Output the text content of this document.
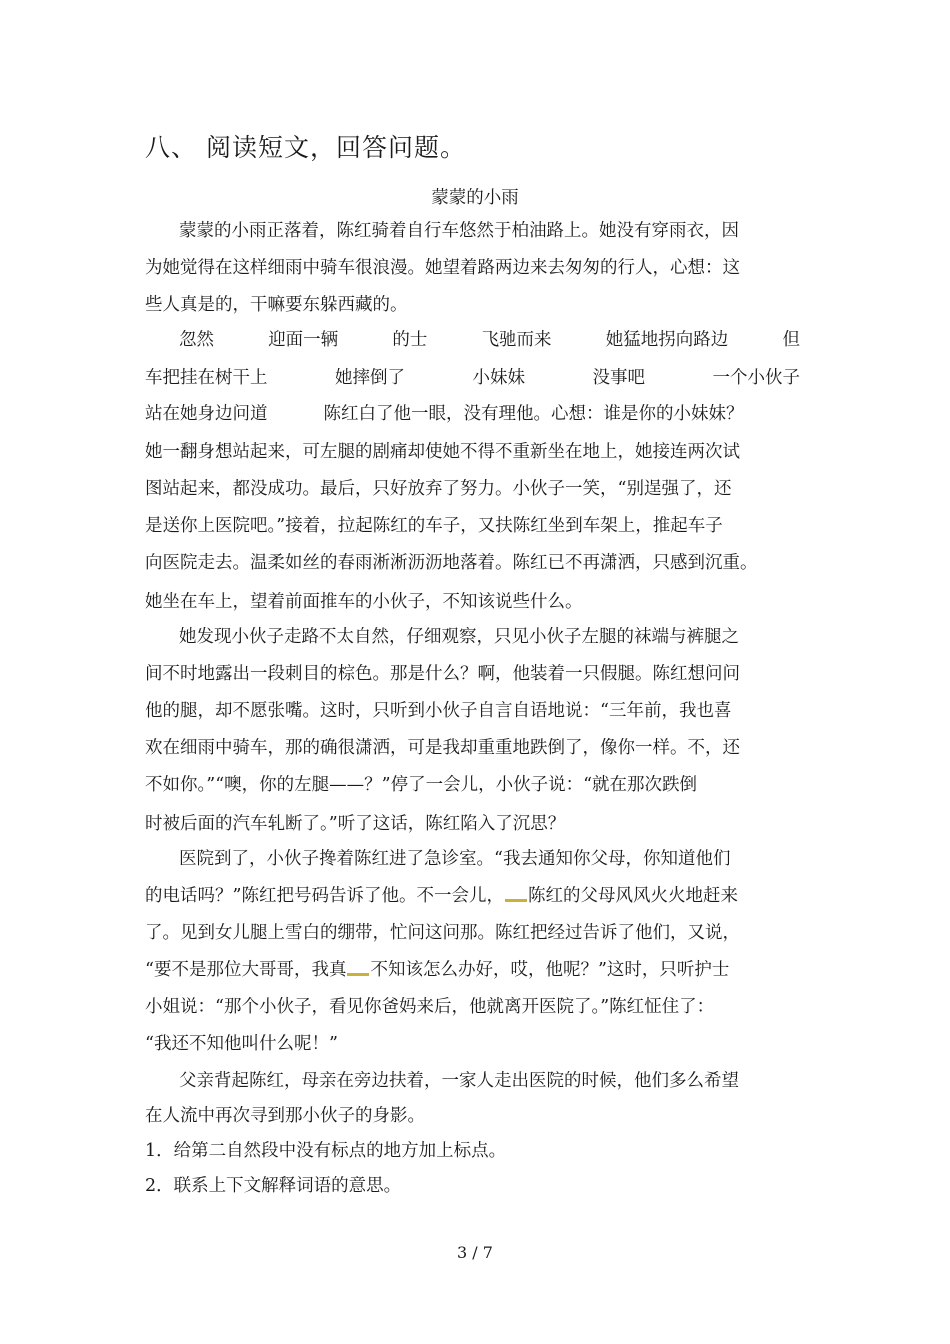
八、 阅读短文，回答问题。
蒙蒙的小雨
蒙蒙的小雨正落着，陈红骑着自行车悠然于柏油路上。她没有穿雨衣，因
为她觉得在这样细雨中骑车很浪漫。她望着路两边来去匆匆的行人，心想：这
些人真是的，干嘛要东躲西藏的。
忽然	迎面一辆	的士	飞驰而来	她猛地拐向路边	但
车把挂在树干上	她摔倒了	小妹妹	没事吧	一个小伙子
站在她身边问道	陈红白了他一眼，没有理他。心想：谁是你的小妹妹？
她一翻身想站起来，可左腿的剧痛却使她不得不重新坐在地上，她接连两次试
图站起来，都没成功。最后，只好放弃了努力。小伙子一笑，“别逞强了，还
是送你上医院吧。”接着，拉起陈红的车子，又扶陈红坐到车架上，推起车子
向医院走去。温柔如丝的春雨淅淅沥沥地落着。陈红已不再潇洒，只感到沉重。
她坐在车上，望着前面推车的小伙子，不知该说些什么。
她发现小伙子走路不太自然，仔细观察，只见小伙子左腿的袜端与裤腿之
间不时地露出一段刺目的棕色。那是什么？啊，他装着一只假腿。陈红想问问
他的腿，却不愿张嘴。这时，只听到小伙子自言自语地说：“三年前，我也喜
欢在细雨中骑车，那的确很潇洒，可是我却重重地跌倒了，像你一样。不，还
不如你。”“噢，你的左腿——？”停了一会儿，小伙子说：“就在那次跌倒
时被后面的汽车轧断了。”听了这话，陈红陷入了沉思？
医院到了，小伙子搀着陈红进了急诊室。“我去通知你父母，你知道他们
的电话吗？”陈红把号码告诉了他。不一会儿， 陈红的父母风风火火地赶来
了。见到女儿腿上雪白的绷带，忙问这问那。陈红把经过告诉了他们，又说，
“要不是那位大哥哥，我真 不知该怎么办好，哎，他呢？”这时，只听护士
小姐说：“那个小伙子，看见你爸妈来后，他就离开医院了。”陈红怔住了：
“我还不知他叫什么呢！”
父亲背起陈红，母亲在旁边扶着，一家人走出医院的时候，他们多么希望
在人流中再次寻到那小伙子的身影。
1．给第二自然段中没有标点的地方加上标点。
2．联系上下文解释词语的意思。
3 / 7
